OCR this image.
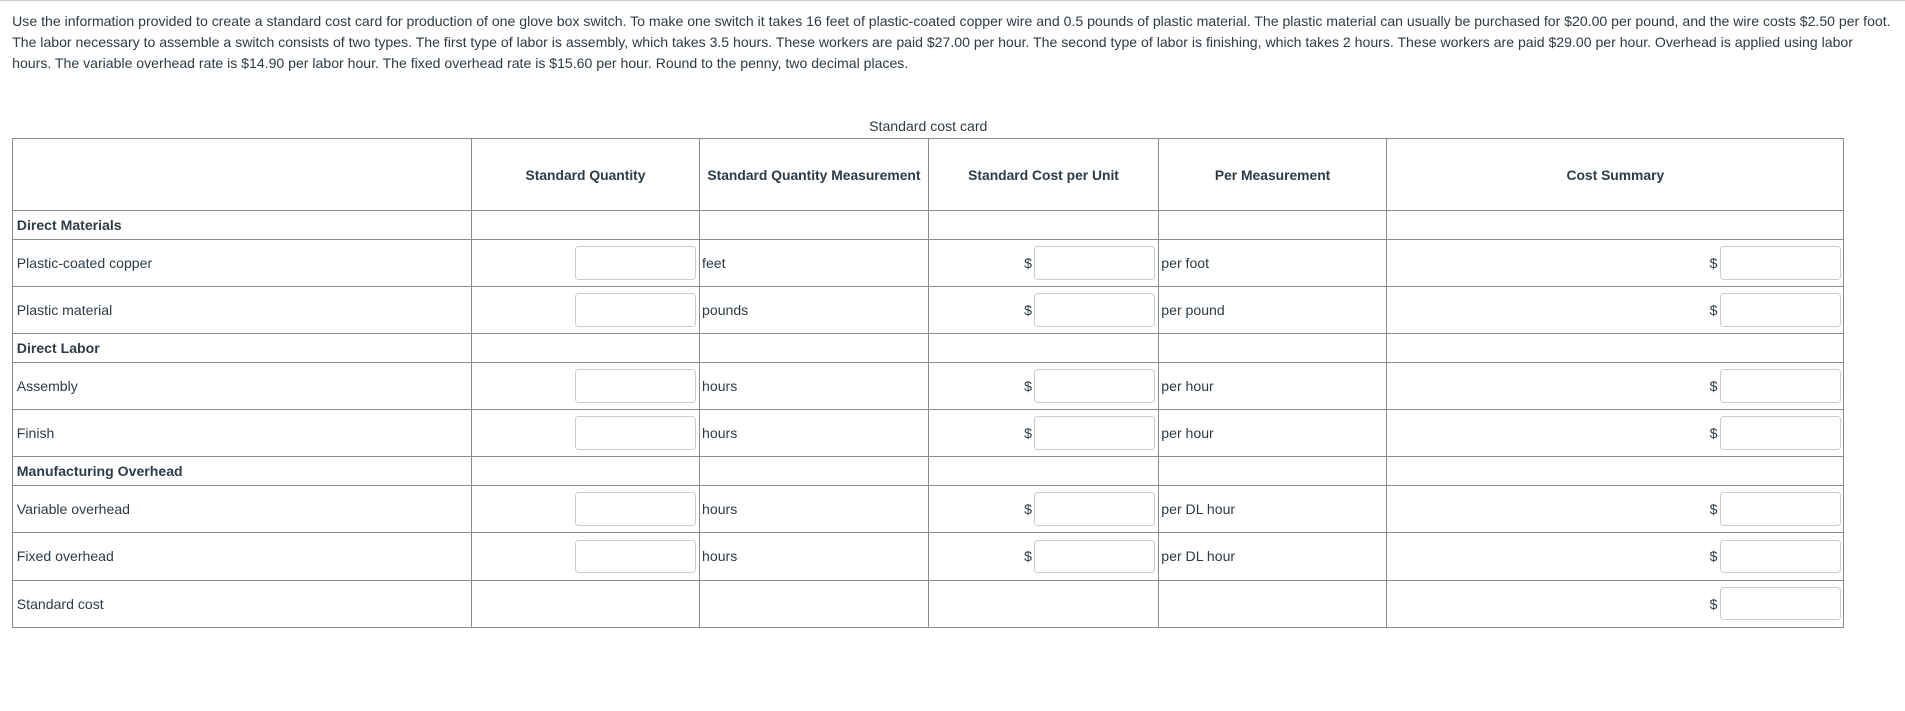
Use the information provided to create a standard cost card for production of one glove box switch. To make one switch it takes 16 feet of plastic-coated copper wire and 0.5 pounds of plastic material. The plastic material can usually be purchased for $20.00 per pound, and the wire costs $2.50 per foot. The labor necessary to assemble a switch consists of two types. The first type of labor is assembly, which takes 3.5 hours. These workers are paid $27.00 per hour. The second type of labor is finishing, which takes 2 hours. These workers are paid $29.00 per hour. Overhead is applied using labor hours. The variable overhead rate is $14.90 per labor hour. The fixed overhead rate is $15.60 per hour. Round to the penny, two decimal places.
Standard cost card
	Standard Quantity	Standard Quantity Measurement	Standard Cost per Unit	Per Measurement	Cost Summary
Direct Materials					
Plastic-coated copper		feet	$	per foot	$
Plastic material		pounds	$	per pound	$
Direct Labor					
Assembly		hours	$	per hour	$
Finish		hours	$	per hour	$
Manufacturing Overhead					
Variable overhead		hours	$	per DL hour	$
Fixed overhead		hours	$	per DL hour	$
Standard cost					$
